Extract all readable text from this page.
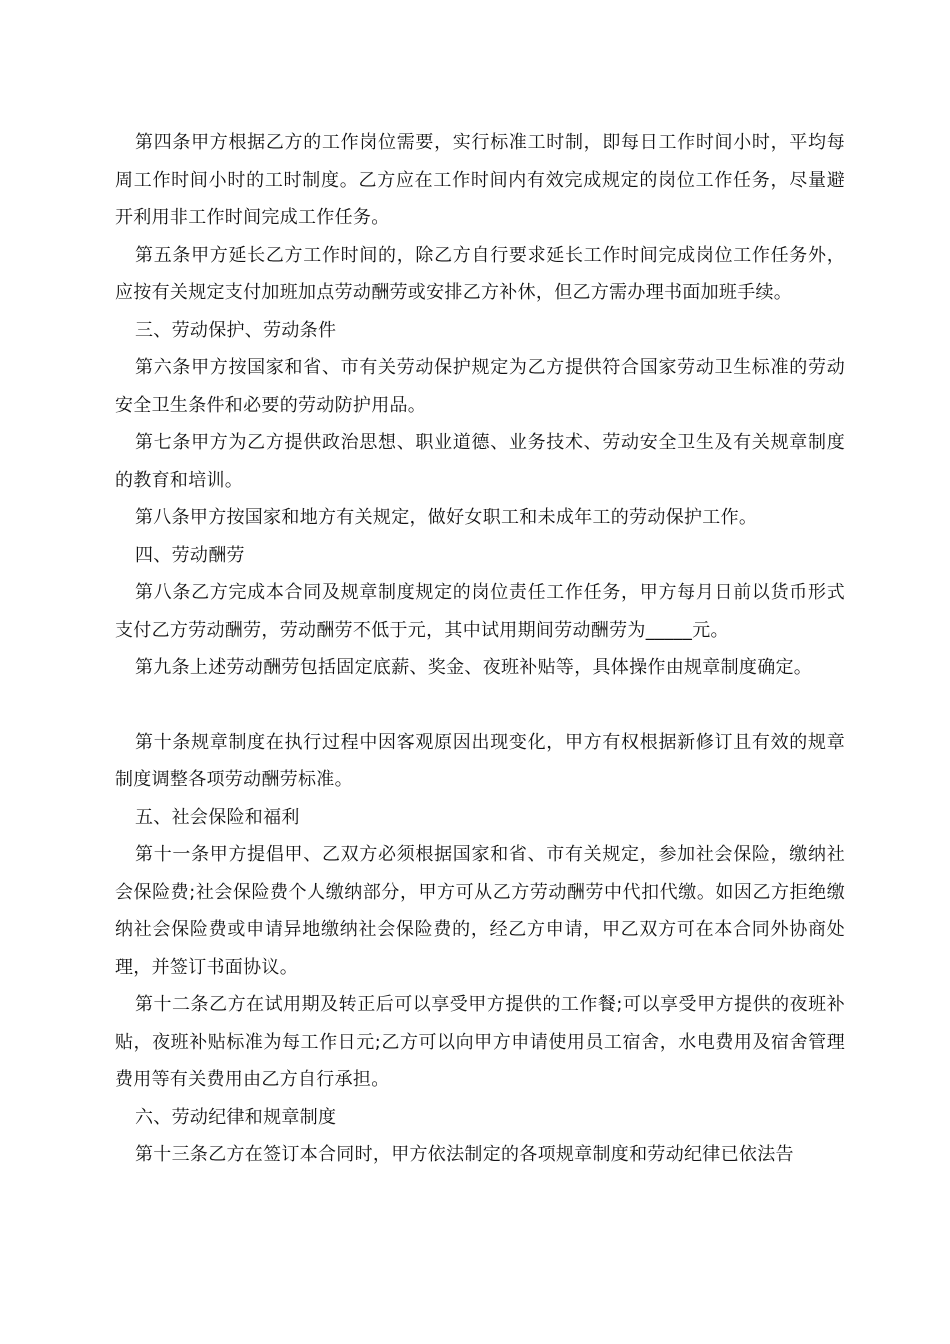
第四条甲方根据乙方的工作岗位需要，实行标准工时制，即每日工作时间小时，平均每周工作时间小时的工时制度。乙方应在工作时间内有效完成规定的岗位工作任务，尽量避开利用非工作时间完成工作任务。

第五条甲方延长乙方工作时间的，除乙方自行要求延长工作时间完成岗位工作任务外，应按有关规定支付加班加点劳动酬劳或安排乙方补休，但乙方需办理书面加班手续。

三、劳动保护、劳动条件

第六条甲方按国家和省、市有关劳动保护规定为乙方提供符合国家劳动卫生标准的劳动安全卫生条件和必要的劳动防护用品。

第七条甲方为乙方提供政治思想、职业道德、业务技术、劳动安全卫生及有关规章制度的教育和培训。

第八条甲方按国家和地方有关规定，做好女职工和未成年工的劳动保护工作。

四、劳动酬劳

第八条乙方完成本合同及规章制度规定的岗位责任工作任务，甲方每月日前以货币形式支付乙方劳动酬劳，劳动酬劳不低于元，其中试用期间劳动酬劳为_____元。

第九条上述劳动酬劳包括固定底薪、奖金、夜班补贴等，具体操作由规章制度确定。

第十条规章制度在执行过程中因客观原因出现变化，甲方有权根据新修订且有效的规章制度调整各项劳动酬劳标准。

五、社会保险和福利

第十一条甲方提倡甲、乙双方必须根据国家和省、市有关规定，参加社会保险，缴纳社会保险费;社会保险费个人缴纳部分，甲方可从乙方劳动酬劳中代扣代缴。如因乙方拒绝缴纳社会保险费或申请异地缴纳社会保险费的，经乙方申请，甲乙双方可在本合同外协商处理，并签订书面协议。

第十二条乙方在试用期及转正后可以享受甲方提供的工作餐;可以享受甲方提供的夜班补贴，夜班补贴标准为每工作日元;乙方可以向甲方申请使用员工宿舍，水电费用及宿舍管理费用等有关费用由乙方自行承担。

六、劳动纪律和规章制度

第十三条乙方在签订本合同时，甲方依法制定的各项规章制度和劳动纪律已依法告
